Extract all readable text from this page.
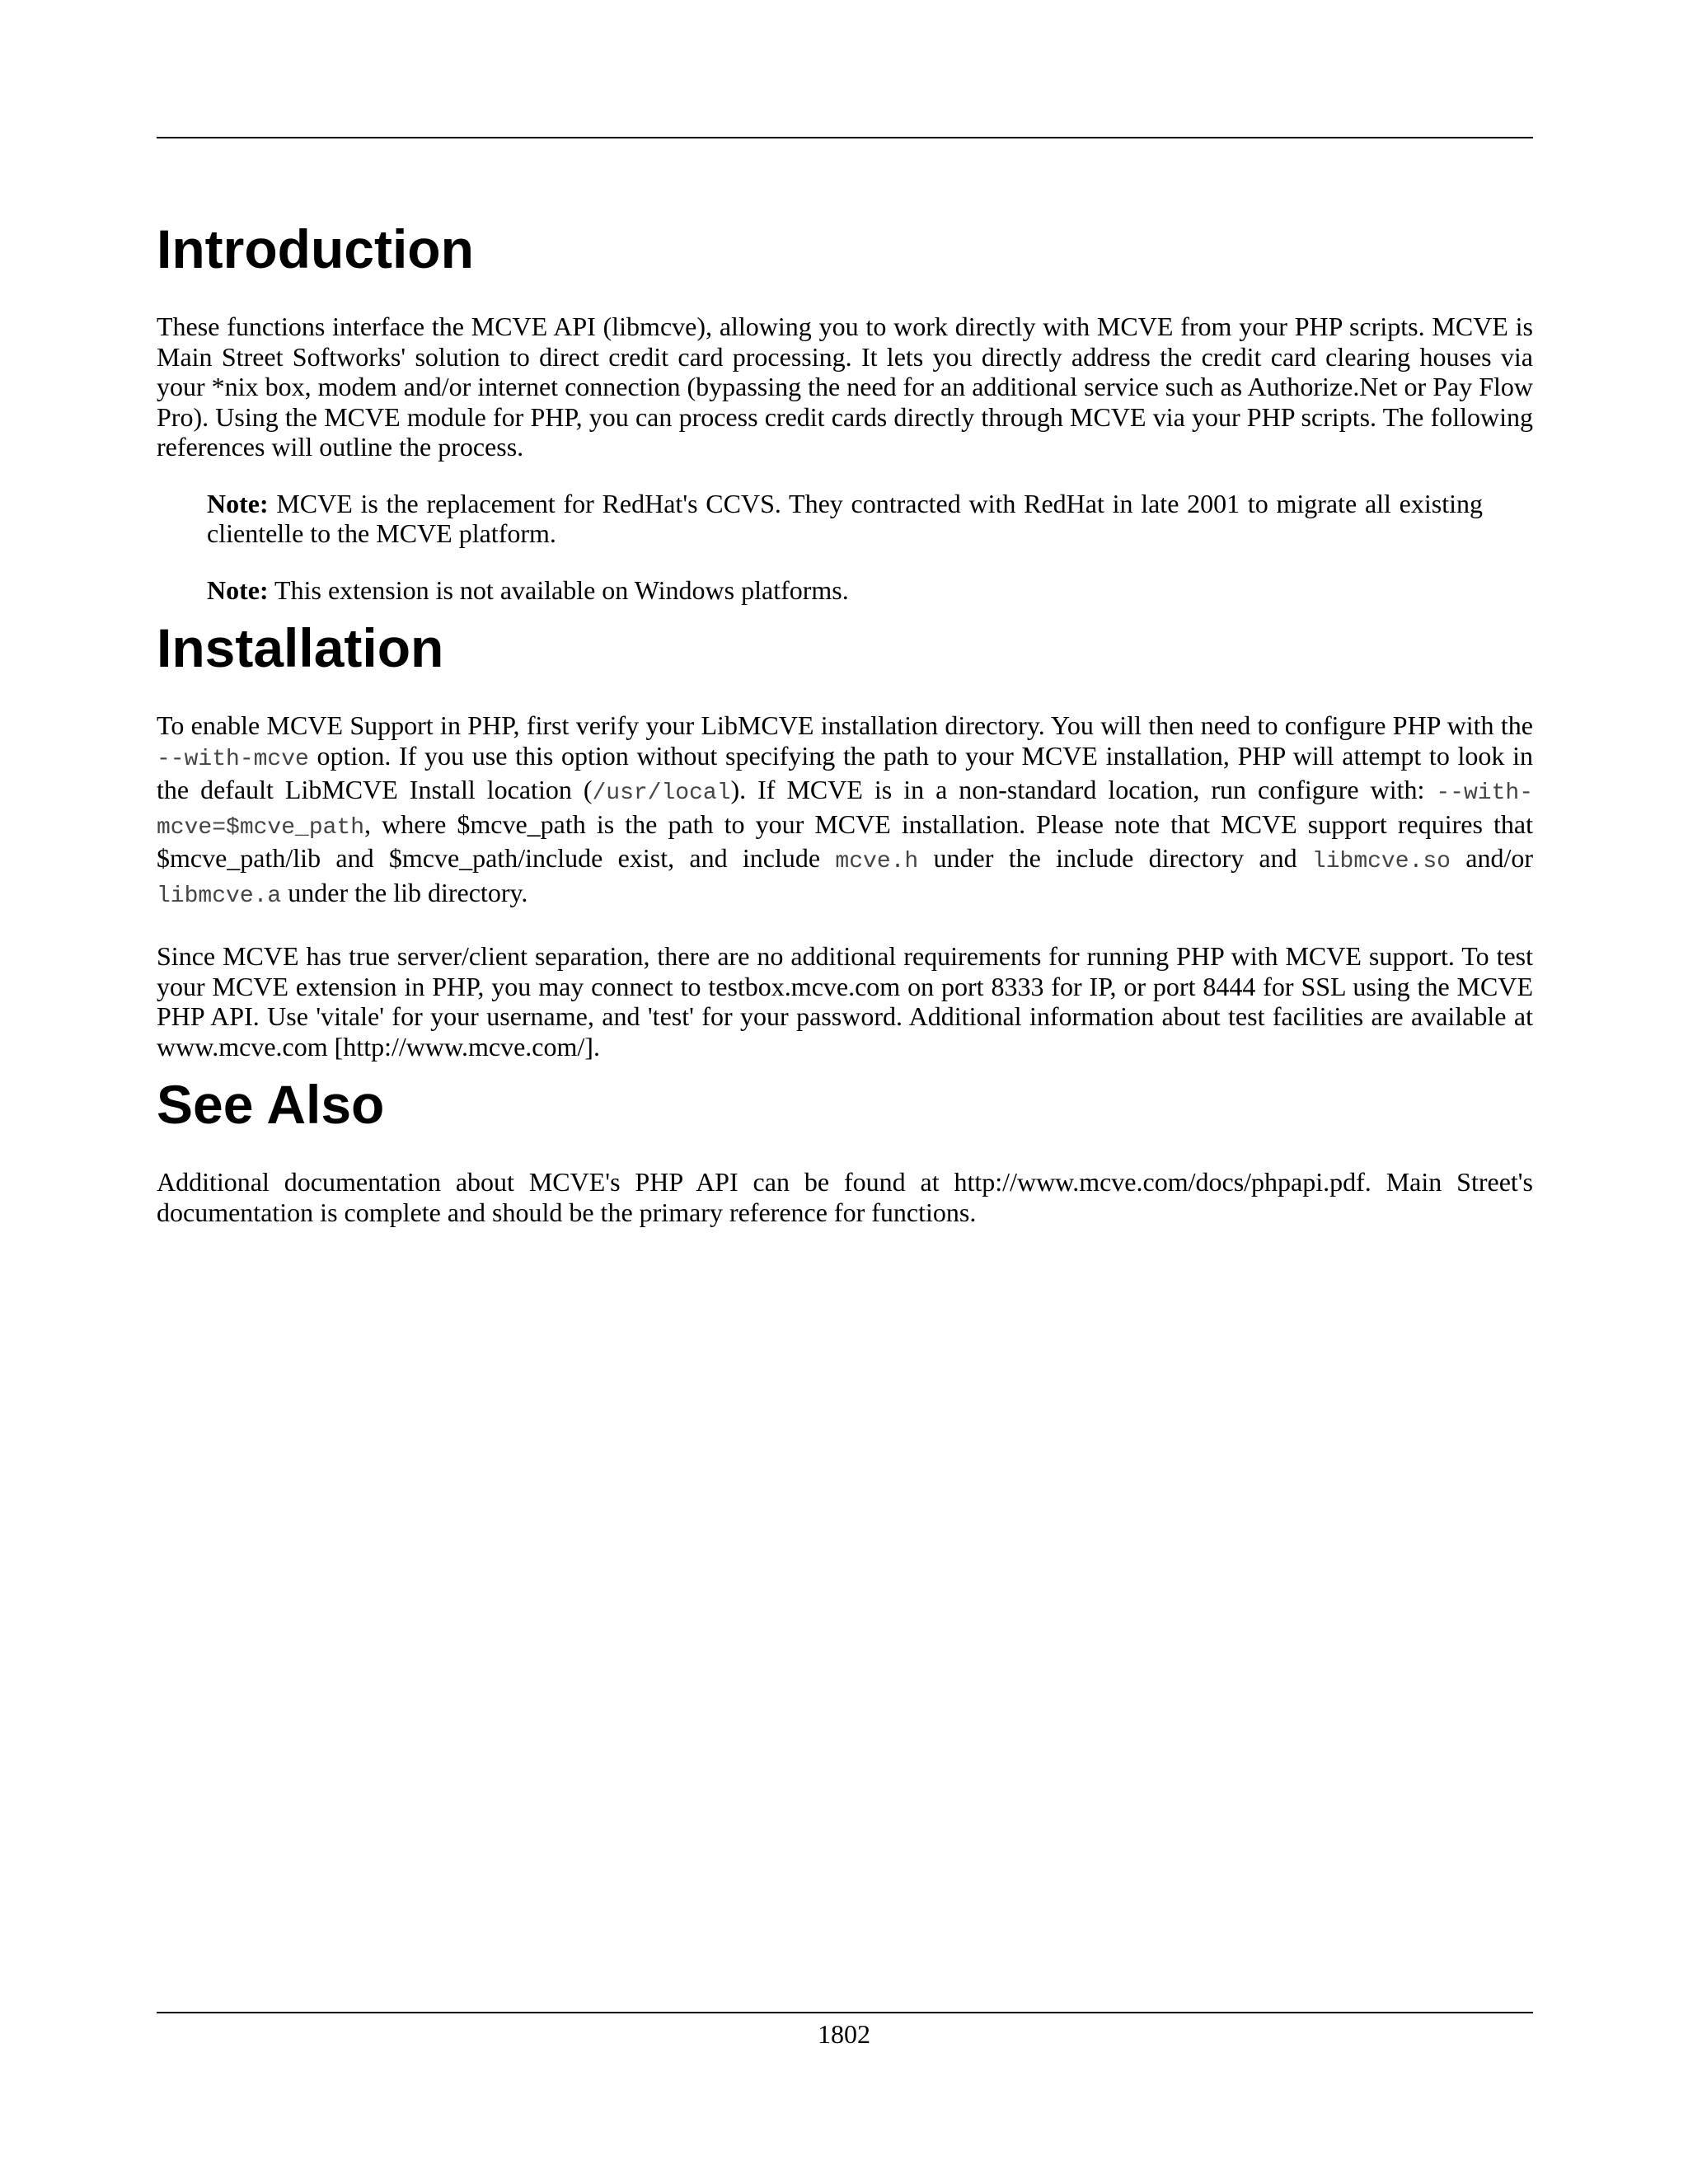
Introduction

These functions interface the MCVE API (libmcve), allowing you to work directly with MCVE from your PHP scripts. MCVE is Main Street Softworks' solution to direct credit card processing. It lets you directly address the credit card clearing houses via your *nix box, modem and/or internet connection (bypassing the need for an additional service such as Authorize.Net or Pay Flow Pro). Using the MCVE module for PHP, you can process credit cards directly through MCVE via your PHP scripts. The following references will outline the process.

Note: MCVE is the replacement for RedHat's CCVS. They contracted with RedHat in late 2001 to migrate all existing clientelle to the MCVE platform.

Note: This extension is not available on Windows platforms.

Installation

To enable MCVE Support in PHP, first verify your LibMCVE installation directory. You will then need to configure PHP with the --with-mcve option. If you use this option without specifying the path to your MCVE installation, PHP will attempt to look in the default LibMCVE Install location (/usr/local). If MCVE is in a non-standard location, run configure with: --with-mcve=$mcve_path, where $mcve_path is the path to your MCVE installation. Please note that MCVE support requires that $mcve_path/lib and $mcve_path/include exist, and include mcve.h under the include directory and libmcve.so and/or libmcve.a under the lib directory.

Since MCVE has true server/client separation, there are no additional requirements for running PHP with MCVE support. To test your MCVE extension in PHP, you may connect to testbox.mcve.com on port 8333 for IP, or port 8444 for SSL using the MCVE PHP API. Use 'vitale' for your username, and 'test' for your password. Additional information about test facilities are available at www.mcve.com [http://www.mcve.com/].

See Also

Additional documentation about MCVE's PHP API can be found at http://www.mcve.com/docs/phpapi.pdf. Main Street's documentation is complete and should be the primary reference for functions.

1802
